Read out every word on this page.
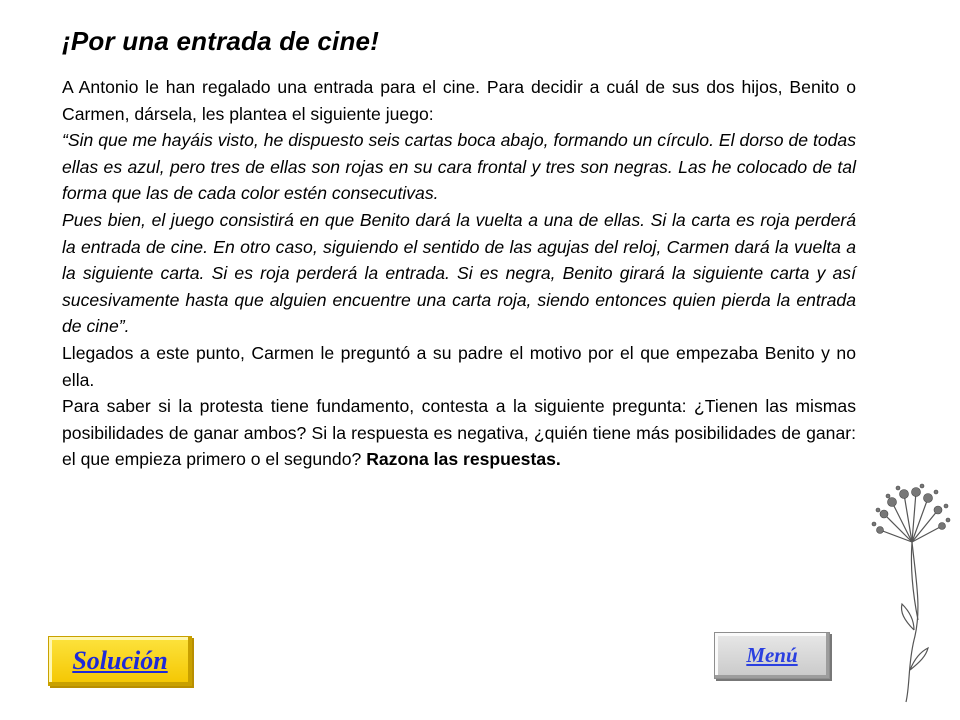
¡Por una entrada de cine!

A Antonio le han regalado una entrada para el cine. Para decidir a cuál de sus dos hijos, Benito o Carmen, dársela, les plantea el siguiente juego:

“Sin que me hayáis visto, he dispuesto seis cartas boca abajo, formando un círculo. El dorso de todas ellas es azul, pero tres de ellas son rojas en su cara frontal y tres son negras. Las he colocado de tal forma que las de cada color estén consecutivas.

Pues bien, el juego consistirá en que Benito dará la vuelta a una de ellas. Si la carta es roja perderá la entrada de cine. En otro caso, siguiendo el sentido de las agujas del reloj, Carmen dará la vuelta a la siguiente carta. Si es roja perderá la entrada. Si es negra, Benito girará la siguiente carta y así sucesivamente hasta que alguien encuentre una carta roja, siendo entonces quien pierda la entrada de cine”.

Llegados a este punto, Carmen le preguntó a su padre el motivo por el que empezaba Benito y no ella.

Para saber si la protesta tiene fundamento, contesta a la siguiente pregunta: ¿Tienen las mismas posibilidades de ganar ambos? Si la respuesta es negativa, ¿quién tiene más posibilidades de ganar: el que empieza primero o el segundo? Razona las respuestas.

Solución	Menú
